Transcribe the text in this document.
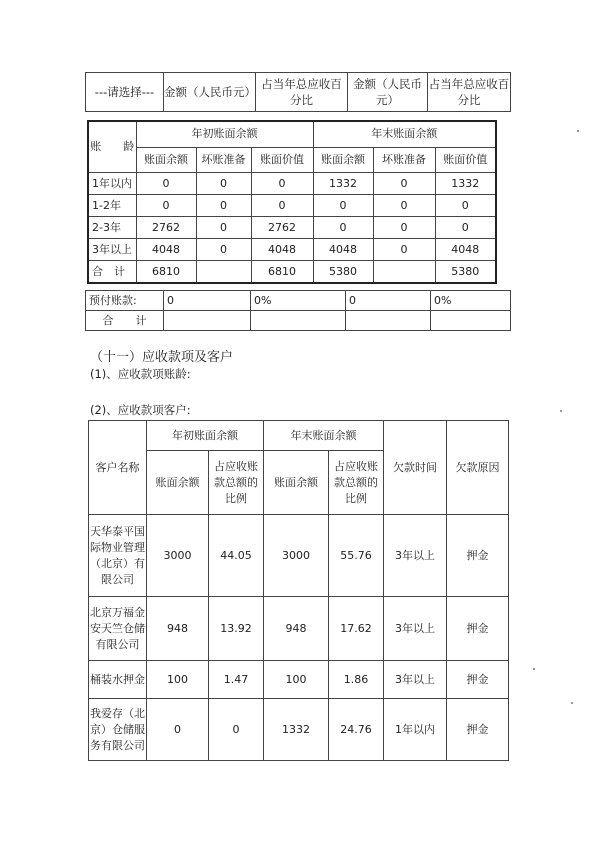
---请选择---	金额（人民币元）	占当年总应收百分比	金额（人民币元）	占当年总应收百分比
账　　龄	年初账面余额			年末账面余额		
	账面余额	坏账准备	账面价值	账面余额	坏账准备	账面价值
1年以内	0	0	0	1332	0	1332
1-2年	0	0	0	0	0	0
2-3年	2762	0	2762	0	0	0
3年以上	4048	0	4048	4048	0	4048
合　计	6810		6810	5380		5380
预付账款:	0	0%	0	0%
合　　计				
（十一）应收款项及客户
(1)、应收款项账龄:
(2)、应收款项客户:
客户名称	年初账面余额		年末账面余额		欠款时间	欠款原因
	账面余额	占应收账款总额的比例	账面余额	占应收账款总额的比例		
天华泰平国际物业管理（北京）有限公司	3000	44.05	3000	55.76	3年以上	押金
北京万福金安天竺仓储有限公司	948	13.92	948	17.62	3年以上	押金
桶装水押金	100	1.47	100	1.86	3年以上	押金
我爱存（北京）仓储服务有限公司	0	0	1332	24.76	1年以内	押金
